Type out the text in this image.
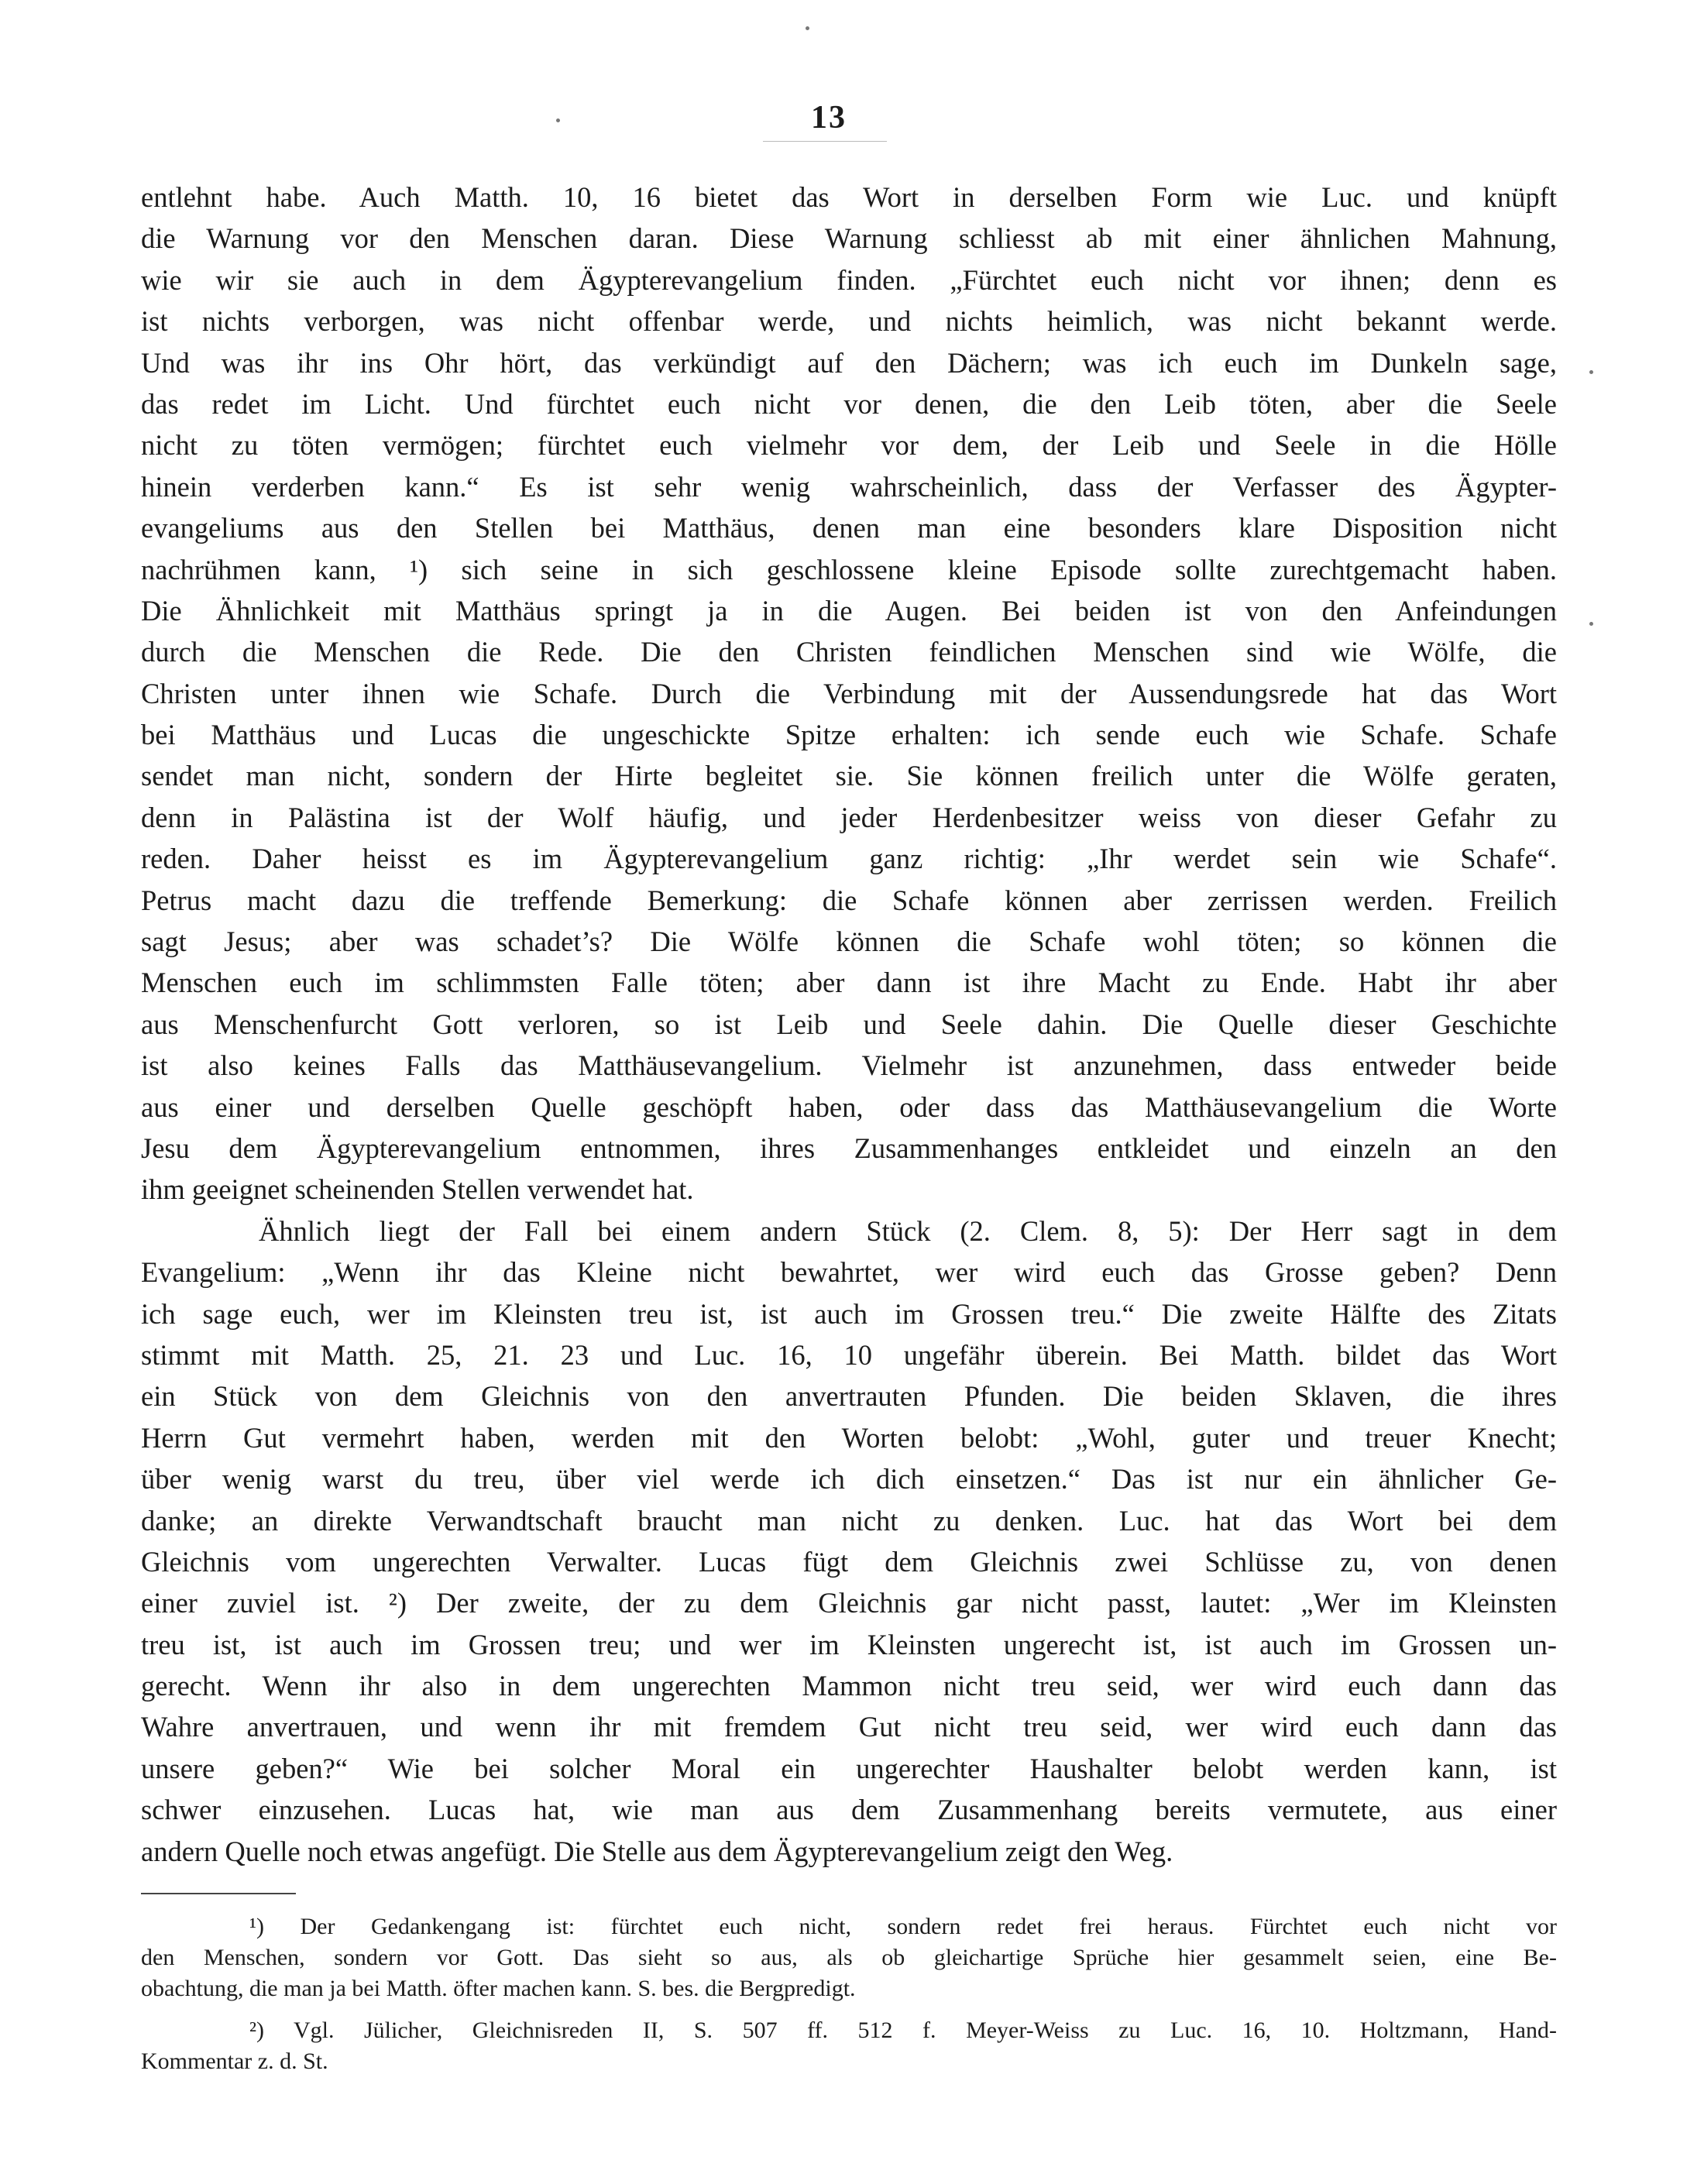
13
entlehnt habe. Auch Matth. 10, 16 bietet das Wort in derselben Form wie Luc. und knüpft
die Warnung vor den Menschen daran. Diese Warnung schliesst ab mit einer ähnlichen Mahnung,
wie wir sie auch in dem Ägypterevangelium finden. „Fürchtet euch nicht vor ihnen; denn es
ist nichts verborgen, was nicht offenbar werde, und nichts heimlich, was nicht bekannt werde.
Und was ihr ins Ohr hört, das verkündigt auf den Dächern; was ich euch im Dunkeln sage,
das redet im Licht. Und fürchtet euch nicht vor denen, die den Leib töten, aber die Seele
nicht zu töten vermögen; fürchtet euch vielmehr vor dem, der Leib und Seele in die Hölle
hinein verderben kann.“ Es ist sehr wenig wahrscheinlich, dass der Verfasser des Ägypter-
evangeliums aus den Stellen bei Matthäus, denen man eine besonders klare Disposition nicht
nachrühmen kann, ¹) sich seine in sich geschlossene kleine Episode sollte zurechtgemacht haben.
Die Ähnlichkeit mit Matthäus springt ja in die Augen. Bei beiden ist von den Anfeindungen
durch die Menschen die Rede. Die den Christen feindlichen Menschen sind wie Wölfe, die
Christen unter ihnen wie Schafe. Durch die Verbindung mit der Aussendungsrede hat das Wort
bei Matthäus und Lucas die ungeschickte Spitze erhalten: ich sende euch wie Schafe. Schafe
sendet man nicht, sondern der Hirte begleitet sie. Sie können freilich unter die Wölfe geraten,
denn in Palästina ist der Wolf häufig, und jeder Herdenbesitzer weiss von dieser Gefahr zu
reden. Daher heisst es im Ägypterevangelium ganz richtig: „Ihr werdet sein wie Schafe“.
Petrus macht dazu die treffende Bemerkung: die Schafe können aber zerrissen werden. Freilich
sagt Jesus; aber was schadet’s? Die Wölfe können die Schafe wohl töten; so können die
Menschen euch im schlimmsten Falle töten; aber dann ist ihre Macht zu Ende. Habt ihr aber
aus Menschenfurcht Gott verloren, so ist Leib und Seele dahin. Die Quelle dieser Geschichte
ist also keines Falls das Matthäusevangelium. Vielmehr ist anzunehmen, dass entweder beide
aus einer und derselben Quelle geschöpft haben, oder dass das Matthäusevangelium die Worte
Jesu dem Ägypterevangelium entnommen, ihres Zusammenhanges entkleidet und einzeln an den
ihm geeignet scheinenden Stellen verwendet hat.
Ähnlich liegt der Fall bei einem andern Stück (2. Clem. 8, 5): Der Herr sagt in dem
Evangelium: „Wenn ihr das Kleine nicht bewahrtet, wer wird euch das Grosse geben? Denn
ich sage euch, wer im Kleinsten treu ist, ist auch im Grossen treu.“ Die zweite Hälfte des Zitats
stimmt mit Matth. 25, 21. 23 und Luc. 16, 10 ungefähr überein. Bei Matth. bildet das Wort
ein Stück von dem Gleichnis von den anvertrauten Pfunden. Die beiden Sklaven, die ihres
Herrn Gut vermehrt haben, werden mit den Worten belobt: „Wohl, guter und treuer Knecht;
über wenig warst du treu, über viel werde ich dich einsetzen.“ Das ist nur ein ähnlicher Ge-
danke; an direkte Verwandtschaft braucht man nicht zu denken. Luc. hat das Wort bei dem
Gleichnis vom ungerechten Verwalter. Lucas fügt dem Gleichnis zwei Schlüsse zu, von denen
einer zuviel ist. ²) Der zweite, der zu dem Gleichnis gar nicht passt, lautet: „Wer im Kleinsten
treu ist, ist auch im Grossen treu; und wer im Kleinsten ungerecht ist, ist auch im Grossen un-
gerecht. Wenn ihr also in dem ungerechten Mammon nicht treu seid, wer wird euch dann das
Wahre anvertrauen, und wenn ihr mit fremdem Gut nicht treu seid, wer wird euch dann das
unsere geben?“ Wie bei solcher Moral ein ungerechter Haushalter belobt werden kann, ist
schwer einzusehen. Lucas hat, wie man aus dem Zusammenhang bereits vermutete, aus einer
andern Quelle noch etwas angefügt. Die Stelle aus dem Ägypterevangelium zeigt den Weg.
¹) Der Gedankengang ist: fürchtet euch nicht, sondern redet frei heraus. Fürchtet euch nicht vor
den Menschen, sondern vor Gott. Das sieht so aus, als ob gleichartige Sprüche hier gesammelt seien, eine Be-
obachtung, die man ja bei Matth. öfter machen kann. S. bes. die Bergpredigt.
²) Vgl. Jülicher, Gleichnisreden II, S. 507 ff. 512 f. Meyer-Weiss zu Luc. 16, 10. Holtzmann, Hand-
Kommentar z. d. St.
